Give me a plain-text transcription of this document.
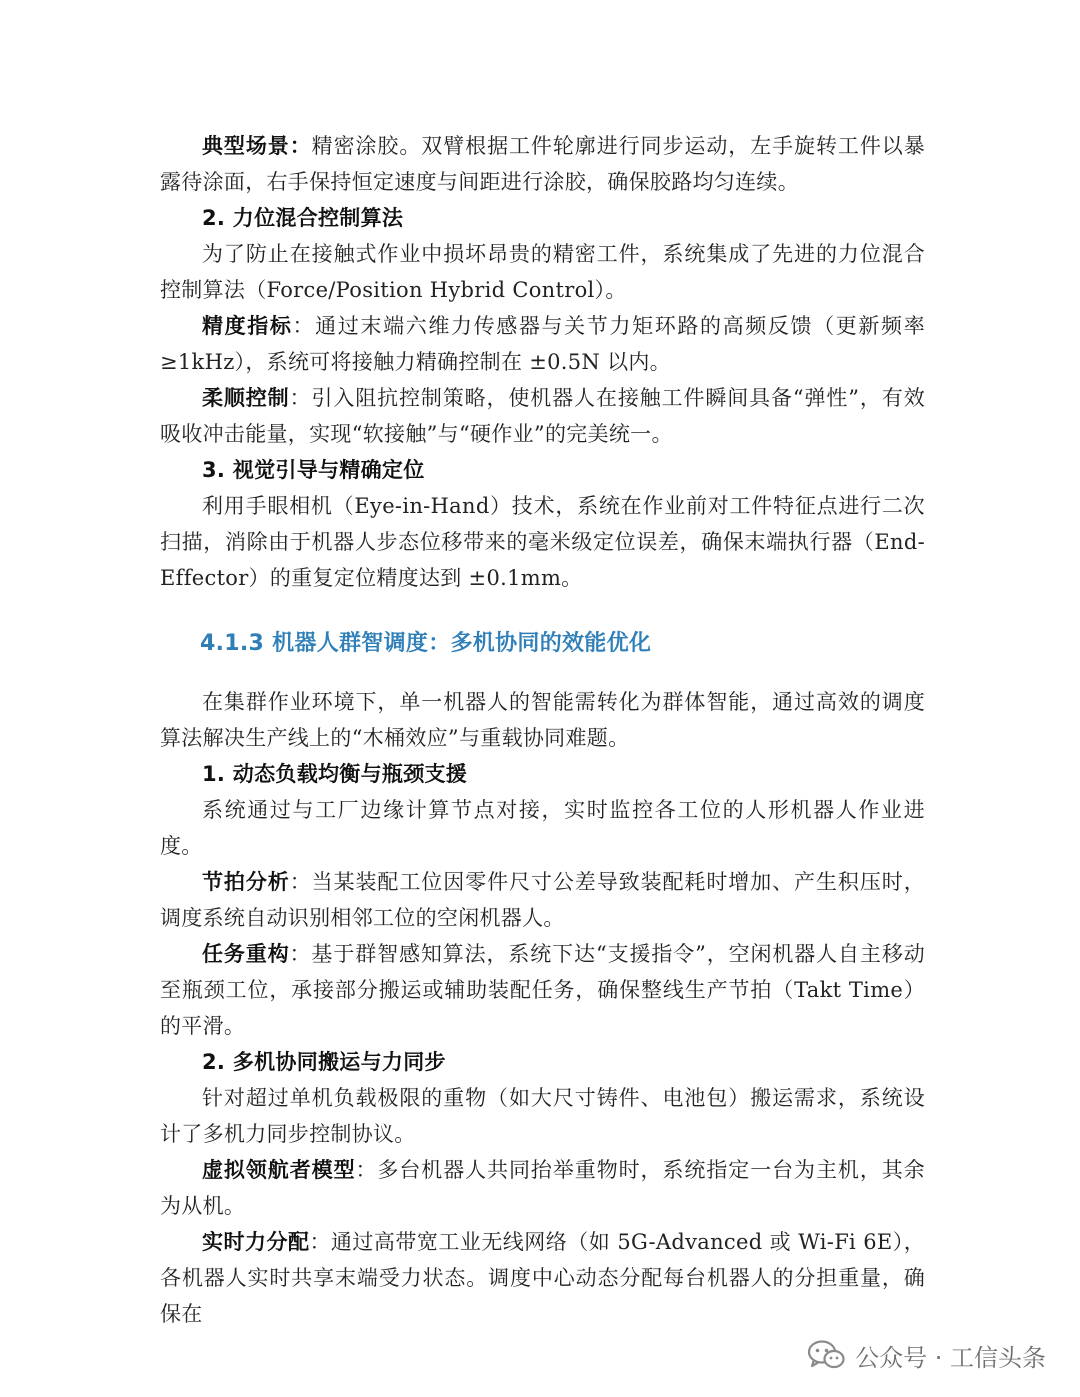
典型场景：精密涂胶。双臂根据工件轮廓进行同步运动，左手旋转工件以暴露待涂面，右手保持恒定速度与间距进行涂胶，确保胶路均匀连续。

2. 力位混合控制算法

为了防止在接触式作业中损坏昂贵的精密工件，系统集成了先进的力位混合控制算法（Force/Position Hybrid Control）。

精度指标：通过末端六维力传感器与关节力矩环路的高频反馈（更新频率≥1kHz），系统可将接触力精确控制在 ±0.5N 以内。

柔顺控制：引入阻抗控制策略，使机器人在接触工件瞬间具备“弹性”，有效吸收冲击能量，实现“软接触”与“硬作业”的完美统一。

3. 视觉引导与精确定位

利用手眼相机（Eye-in-Hand）技术，系统在作业前对工件特征点进行二次扫描，消除由于机器人步态位移带来的毫米级定位误差，确保末端执行器（End-Effector）的重复定位精度达到 ±0.1mm。

4.1.3 机器人群智调度：多机协同的效能优化

在集群作业环境下，单一机器人的智能需转化为群体智能，通过高效的调度算法解决生产线上的“木桶效应”与重载协同难题。

1. 动态负载均衡与瓶颈支援

系统通过与工厂边缘计算节点对接，实时监控各工位的人形机器人作业进度。

节拍分析：当某装配工位因零件尺寸公差导致装配耗时增加、产生积压时，调度系统自动识别相邻工位的空闲机器人。

任务重构：基于群智感知算法，系统下达“支援指令”，空闲机器人自主移动至瓶颈工位，承接部分搬运或辅助装配任务，确保整线生产节拍（Takt Time）的平滑。

2. 多机协同搬运与力同步

针对超过单机负载极限的重物（如大尺寸铸件、电池包）搬运需求，系统设计了多机力同步控制协议。

虚拟领航者模型：多台机器人共同抬举重物时，系统指定一台为主机，其余为从机。

实时力分配：通过高带宽工业无线网络（如 5G-Advanced 或 Wi-Fi 6E），各机器人实时共享末端受力状态。调度中心动态分配每台机器人的分担重量，确保在

公众号 · 工信头条
